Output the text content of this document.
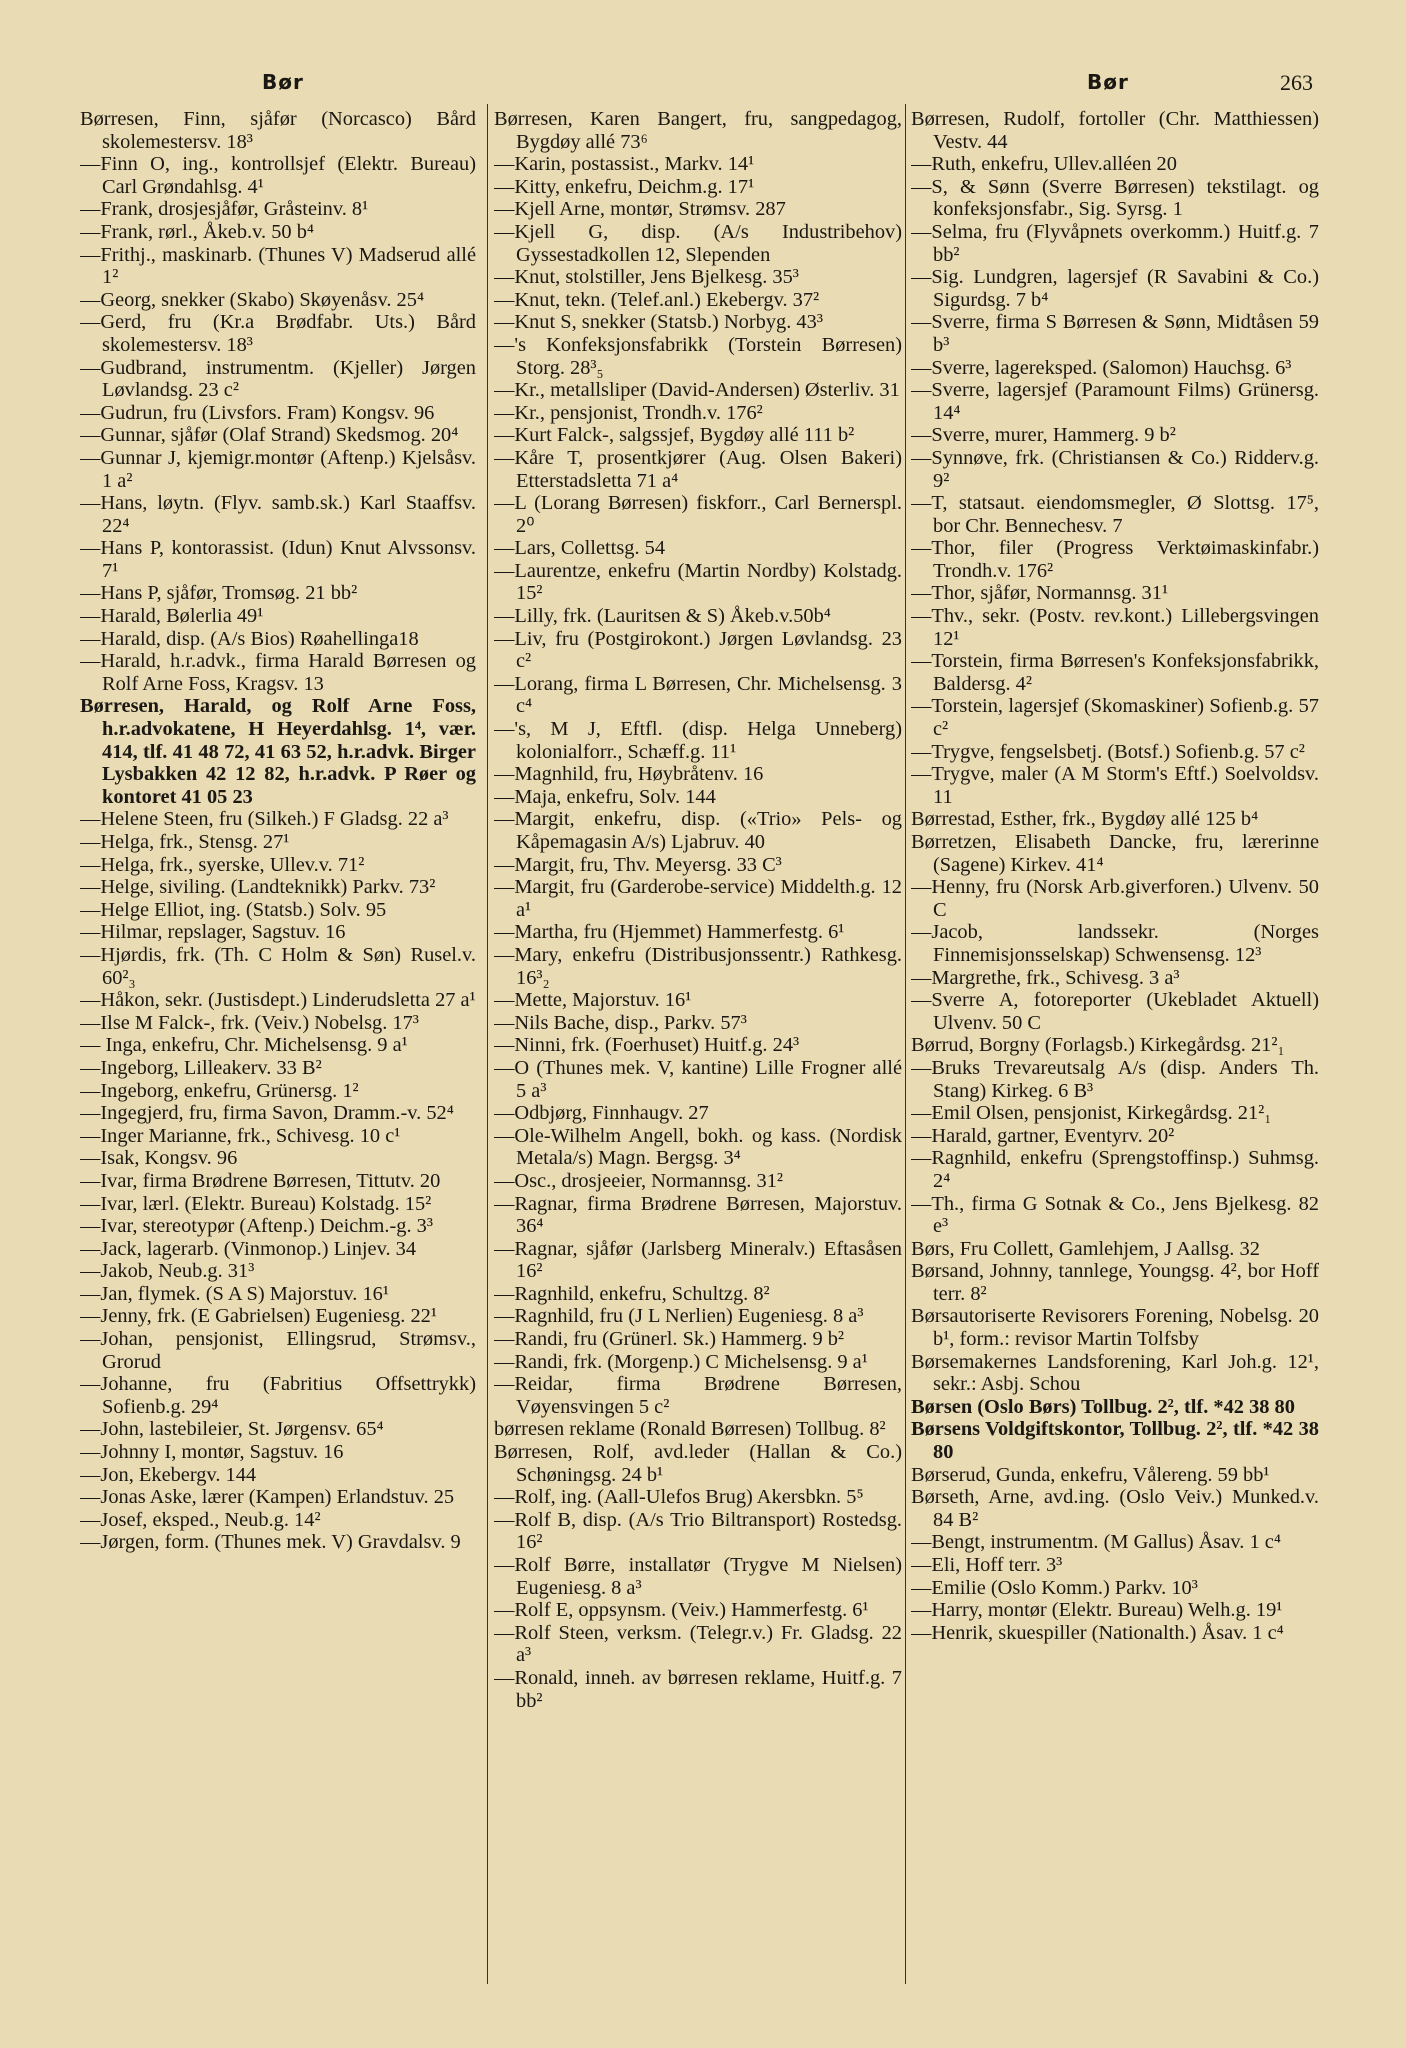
Bør	Bør	263
Børresen, Finn, sjåfør (Norcasco) Bård skolemestersv. 18³
—Finn O, ing., kontrollsjef (Elektr. Bureau) Carl Grøndahlsg. 4¹
—Frank, drosjesjåfør, Gråsteinv. 8¹
—Frank, rørl., Åkeb.v. 50 b⁴
—Frithj., maskinarb. (Thunes V) Madserud allé 1²
—Georg, snekker (Skabo) Skøyenåsv. 25⁴
—Gerd, fru (Kr.a Brødfabr. Uts.) Bård skolemestersv. 18³
—Gudbrand, instrumentm. (Kjeller) Jørgen Løvlandsg. 23 c²
—Gudrun, fru (Livsfors. Fram) Kongsv. 96
—Gunnar, sjåfør (Olaf Strand) Skedsmog. 20⁴
—Gunnar J, kjemigr.montør (Aftenp.) Kjelsåsv. 1 a²
—Hans, løytn. (Flyv. samb.sk.) Karl Staaffsv. 22⁴
—Hans P, kontorassist. (Idun) Knut Alvssonsv. 7¹
—Hans P, sjåfør, Tromsøg. 21 bb²
—Harald, Bølerlia 49¹
—Harald, disp. (A/s Bios) Røahellinga18
—Harald, h.r.advk., firma Harald Børresen og Rolf Arne Foss, Kragsv. 13
Børresen, Harald, og Rolf Arne Foss, h.r.advokatene, H Heyerdahlsg. 1⁴, vær. 414, tlf. 41 48 72, 41 63 52, h.r.advk. Birger Lysbakken 42 12 82, h.r.advk. P Røer og kontoret 41 05 23
—Helene Steen, fru (Silkeh.) F Gladsg. 22 a³
—Helga, frk., Stensg. 27¹
—Helga, frk., syerske, Ullev.v. 71²
—Helge, siviling. (Landteknikk) Parkv. 73²
—Helge Elliot, ing. (Statsb.) Solv. 95
—Hilmar, repslager, Sagstuv. 16
—Hjørdis, frk. (Th. C Holm & Søn) Rusel.v. 60²₃
—Håkon, sekr. (Justisdept.) Linderudsletta 27 a¹
—Ilse M Falck-, frk. (Veiv.) Nobelsg. 17³
— Inga, enkefru, Chr. Michelsensg. 9 a¹
—Ingeborg, Lilleakerv. 33 B²
—Ingeborg, enkefru, Grünersg. 1²
—Ingegjerd, fru, firma Savon, Dramm.-v. 52⁴
—Inger Marianne, frk., Schivesg. 10 c¹
—Isak, Kongsv. 96
—Ivar, firma Brødrene Børresen, Tittutv. 20
—Ivar, lærl. (Elektr. Bureau) Kolstadg. 15²
—Ivar, stereotypør (Aftenp.) Deichm.-g. 3³
—Jack, lagerarb. (Vinmonop.) Linjev. 34
—Jakob, Neub.g. 31³
—Jan, flymek. (S A S) Majorstuv. 16¹
—Jenny, frk. (E Gabrielsen) Eugeniesg. 22¹
—Johan, pensjonist, Ellingsrud, Strømsv., Grorud
—Johanne, fru (Fabritius Offsettrykk) Sofienb.g. 29⁴
—John, lastebileier, St. Jørgensv. 65⁴
—Johnny I, montør, Sagstuv. 16
—Jon, Ekebergv. 144
—Jonas Aske, lærer (Kampen) Erlandstuv. 25
—Josef, eksped., Neub.g. 14²
—Jørgen, form. (Thunes mek. V) Gravdalsv. 9
Børresen, Karen Bangert, fru, sangpedagog, Bygdøy allé 73⁶
—Karin, postassist., Markv. 14¹
—Kitty, enkefru, Deichm.g. 17¹
—Kjell Arne, montør, Strømsv. 287
—Kjell G, disp. (A/s Industribehov) Gyssestadkollen 12, Slependen
—Knut, stolstiller, Jens Bjelkesg. 35³
—Knut, tekn. (Telef.anl.) Ekebergv. 37²
—Knut S, snekker (Statsb.) Norbyg. 43³
—'s Konfeksjonsfabrikk (Torstein Børresen) Storg. 28³₅
—Kr., metallsliper (David-Andersen) Østerliv. 31
—Kr., pensjonist, Trondh.v. 176²
—Kurt Falck-, salgssjef, Bygdøy allé 111 b²
—Kåre T, prosentkjører (Aug. Olsen Bakeri) Etterstadsletta 71 a⁴
—L (Lorang Børresen) fiskforr., Carl Bernerspl. 2⁰
—Lars, Collettsg. 54
—Laurentze, enkefru (Martin Nordby) Kolstadg. 15²
—Lilly, frk. (Lauritsen & S) Åkeb.v.50b⁴
—Liv, fru (Postgirokont.) Jørgen Løvlandsg. 23 c²
—Lorang, firma L Børresen, Chr. Michelsensg. 3 c⁴
—'s, M J, Eftfl. (disp. Helga Unneberg) kolonialforr., Schæff.g. 11¹
—Magnhild, fru, Høybråtenv. 16
—Maja, enkefru, Solv. 144
—Margit, enkefru, disp. («Trio» Pels- og Kåpemagasin A/s) Ljabruv. 40
—Margit, fru, Thv. Meyersg. 33 C³
—Margit, fru (Garderobe-service) Middelth.g. 12 a¹
—Martha, fru (Hjemmet) Hammerfestg. 6¹
—Mary, enkefru (Distribusjonssentr.) Rathkesg. 16³₂
—Mette, Majorstuv. 16¹
—Nils Bache, disp., Parkv. 57³
—Ninni, frk. (Foerhuset) Huitf.g. 24³
—O (Thunes mek. V, kantine) Lille Frogner allé 5 a³
—Odbjørg, Finnhaugv. 27
—Ole-Wilhelm Angell, bokh. og kass. (Nordisk Metala/s) Magn. Bergsg. 3⁴
—Osc., drosjeeier, Normannsg. 31²
—Ragnar, firma Brødrene Børresen, Majorstuv. 36⁴
—Ragnar, sjåfør (Jarlsberg Mineralv.) Eftasåsen 16²
—Ragnhild, enkefru, Schultzg. 8²
—Ragnhild, fru (J L Nerlien) Eugeniesg. 8 a³
—Randi, fru (Grünerl. Sk.) Hammerg. 9 b²
—Randi, frk. (Morgenp.) C Michelsensg. 9 a¹
—Reidar, firma Brødrene Børresen, Vøyensvingen 5 c²
børresen reklame (Ronald Børresen) Tollbug. 8²
Børresen, Rolf, avd.leder (Hallan & Co.) Schøningsg. 24 b¹
—Rolf, ing. (Aall-Ulefos Brug) Akersbkn. 5⁵
—Rolf B, disp. (A/s Trio Biltransport) Rostedsg. 16²
—Rolf Børre, installatør (Trygve M Nielsen) Eugeniesg. 8 a³
—Rolf E, oppsynsm. (Veiv.) Hammerfestg. 6¹
—Rolf Steen, verksm. (Telegr.v.) Fr. Gladsg. 22 a³
—Ronald, inneh. av børresen reklame, Huitf.g. 7 bb²
Børresen, Rudolf, fortoller (Chr. Matthiessen) Vestv. 44
—Ruth, enkefru, Ullev.alléen 20
—S, & Sønn (Sverre Børresen) tekstilagt. og konfeksjonsfabr., Sig. Syrsg. 1
—Selma, fru (Flyvåpnets overkomm.) Huitf.g. 7 bb²
—Sig. Lundgren, lagersjef (R Savabini & Co.) Sigurdsg. 7 b⁴
—Sverre, firma S Børresen & Sønn, Midtåsen 59 b³
—Sverre, lagereksped. (Salomon) Hauchsg. 6³
—Sverre, lagersjef (Paramount Films) Grünersg. 14⁴
—Sverre, murer, Hammerg. 9 b²
—Synnøve, frk. (Christiansen & Co.) Ridderv.g. 9²
—T, statsaut. eiendomsmegler, Ø Slottsg. 17⁵, bor Chr. Bennechesv. 7
—Thor, filer (Progress Verktøimaskinfabr.) Trondh.v. 176²
—Thor, sjåfør, Normannsg. 31¹
—Thv., sekr. (Postv. rev.kont.) Lillebergsvingen 12¹
—Torstein, firma Børresen's Konfeksjonsfabrikk, Baldersg. 4²
—Torstein, lagersjef (Skomaskiner) Sofienb.g. 57 c²
—Trygve, fengselsbetj. (Botsf.) Sofienb.g. 57 c²
—Trygve, maler (A M Storm's Eftf.) Soelvoldsv. 11
Børrestad, Esther, frk., Bygdøy allé 125 b⁴
Børretzen, Elisabeth Dancke, fru, lærerinne (Sagene) Kirkev. 41⁴
—Henny, fru (Norsk Arb.giverforen.) Ulvenv. 50 C
—Jacob, landssekr. (Norges Finnemisjonsselskap) Schwensensg. 12³
—Margrethe, frk., Schivesg. 3 a³
—Sverre A, fotoreporter (Ukebladet Aktuell) Ulvenv. 50 C
Børrud, Borgny (Forlagsb.) Kirkegårdsg. 21²₁
—Bruks Trevareutsalg A/s (disp. Anders Th. Stang) Kirkeg. 6 B³
—Emil Olsen, pensjonist, Kirkegårdsg. 21²₁
—Harald, gartner, Eventyrv. 20²
—Ragnhild, enkefru (Sprengstoffinsp.) Suhmsg. 2⁴
—Th., firma G Sotnak & Co., Jens Bjelkesg. 82 e³
Børs, Fru Collett, Gamlehjem, J Aallsg. 32
Børsand, Johnny, tannlege, Youngsg. 4², bor Hoff terr. 8²
Børsautoriserte Revisorers Forening, Nobelsg. 20 b¹, form.: revisor Martin Tolfsby
Børsemakernes Landsforening, Karl Joh.g. 12¹, sekr.: Asbj. Schou
Børsen (Oslo Børs) Tollbug. 2², tlf. *42 38 80
Børsens Voldgiftskontor, Tollbug. 2², tlf. *42 38 80
Børserud, Gunda, enkefru, Vålereng. 59 bb¹
Børseth, Arne, avd.ing. (Oslo Veiv.) Munked.v. 84 B²
—Bengt, instrumentm. (M Gallus) Åsav. 1 c⁴
—Eli, Hoff terr. 3³
—Emilie (Oslo Komm.) Parkv. 10³
—Harry, montør (Elektr. Bureau) Welh.g. 19¹
—Henrik, skuespiller (Nationalth.) Åsav. 1 c⁴
